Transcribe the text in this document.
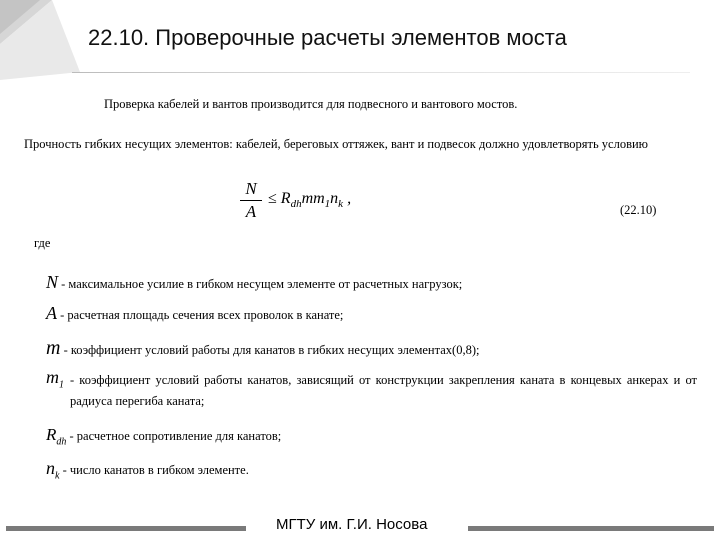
22.10. Проверочные расчеты элементов моста
Проверка кабелей и вантов производится для подвесного и вантового мостов.
Прочность гибких несущих элементов: кабелей, береговых оттяжек, вант и подвесок должно удовлетворять условию
N
A
≤ $R_{dh}mm_1n_k$ ,
(22.10)
где
N - максимальное усилие в гибком несущем элементе от расчетных нагрузок;
A - расчетная площадь сечения всех проволок в канате;
m - коэффициент условий работы для канатов в гибких несущих элементах(0,8);
$m_1$ - коэффициент условий работы канатов, зависящий от конструкции закрепления каната в концевых анкерах и от радиуса перегиба каната;
$R_{dh}$ - расчетное сопротивление для канатов;
$n_k$ - число канатов в гибком элементе.
МГТУ им. Г.И. Носова
